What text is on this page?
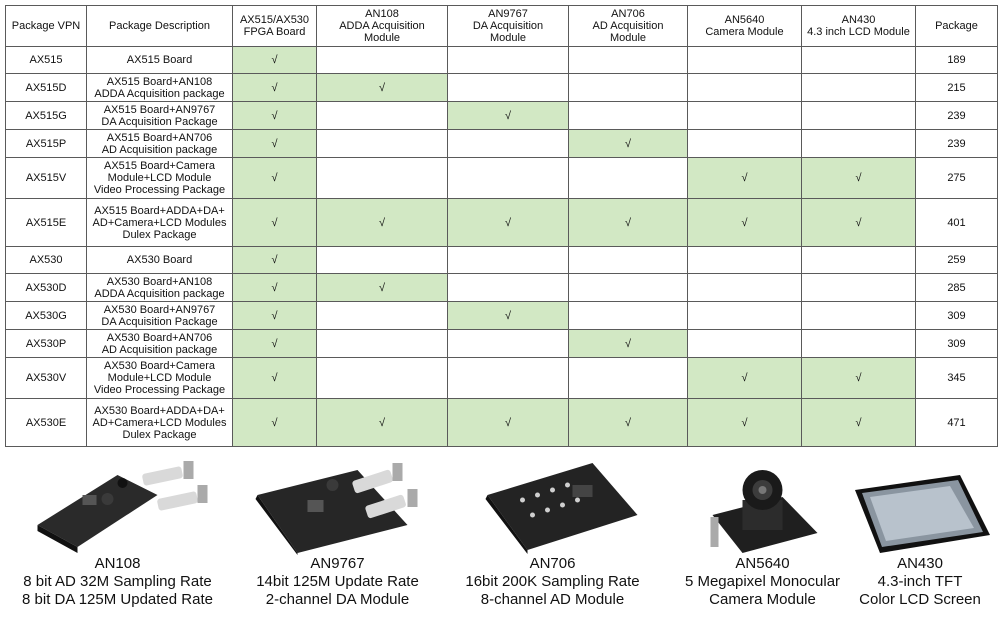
Package VPN	Package Description	AX515/AX530
FPGA Board	AN108
ADDA Acquisition
Module	AN9767
DA Acquisition
Module	AN706
AD Acquisition
Module	AN5640
Camera Module	AN430
4.3 inch LCD Module	Package
AX515	AX515 Board	√						189
AX515D	AX515 Board+AN108
ADDA Acquisition package	√	√					215
AX515G	AX515 Board+AN9767
DA Acquisition Package	√		√				239
AX515P	AX515 Board+AN706
AD Acquisition package	√			√			239
AX515V	AX515 Board+Camera
Module+LCD Module
Video Processing Package	√				√	√	275
AX515E	AX515 Board+ADDA+DA+
AD+Camera+LCD Modules
Dulex Package	√	√	√	√	√	√	401
AX530	AX530 Board	√						259
AX530D	AX530 Board+AN108
ADDA Acquisition package	√	√					285
AX530G	AX530 Board+AN9767
DA Acquisition Package	√		√				309
AX530P	AX530 Board+AN706
AD Acquisition package	√			√			309
AX530V	AX530 Board+Camera
Module+LCD Module
Video Processing Package	√				√	√	345
AX530E	AX530 Board+ADDA+DA+
AD+Camera+LCD Modules
Dulex Package	√	√	√	√	√	√	471
AN108
8 bit AD 32M Sampling Rate
8 bit DA 125M Updated Rate
AN9767
14bit 125M Update Rate
2-channel DA Module
AN706
16bit 200K Sampling Rate
8-channel AD Module
AN5640
5 Megapixel Monocular
Camera Module
AN430
4.3-inch TFT
Color LCD Screen
